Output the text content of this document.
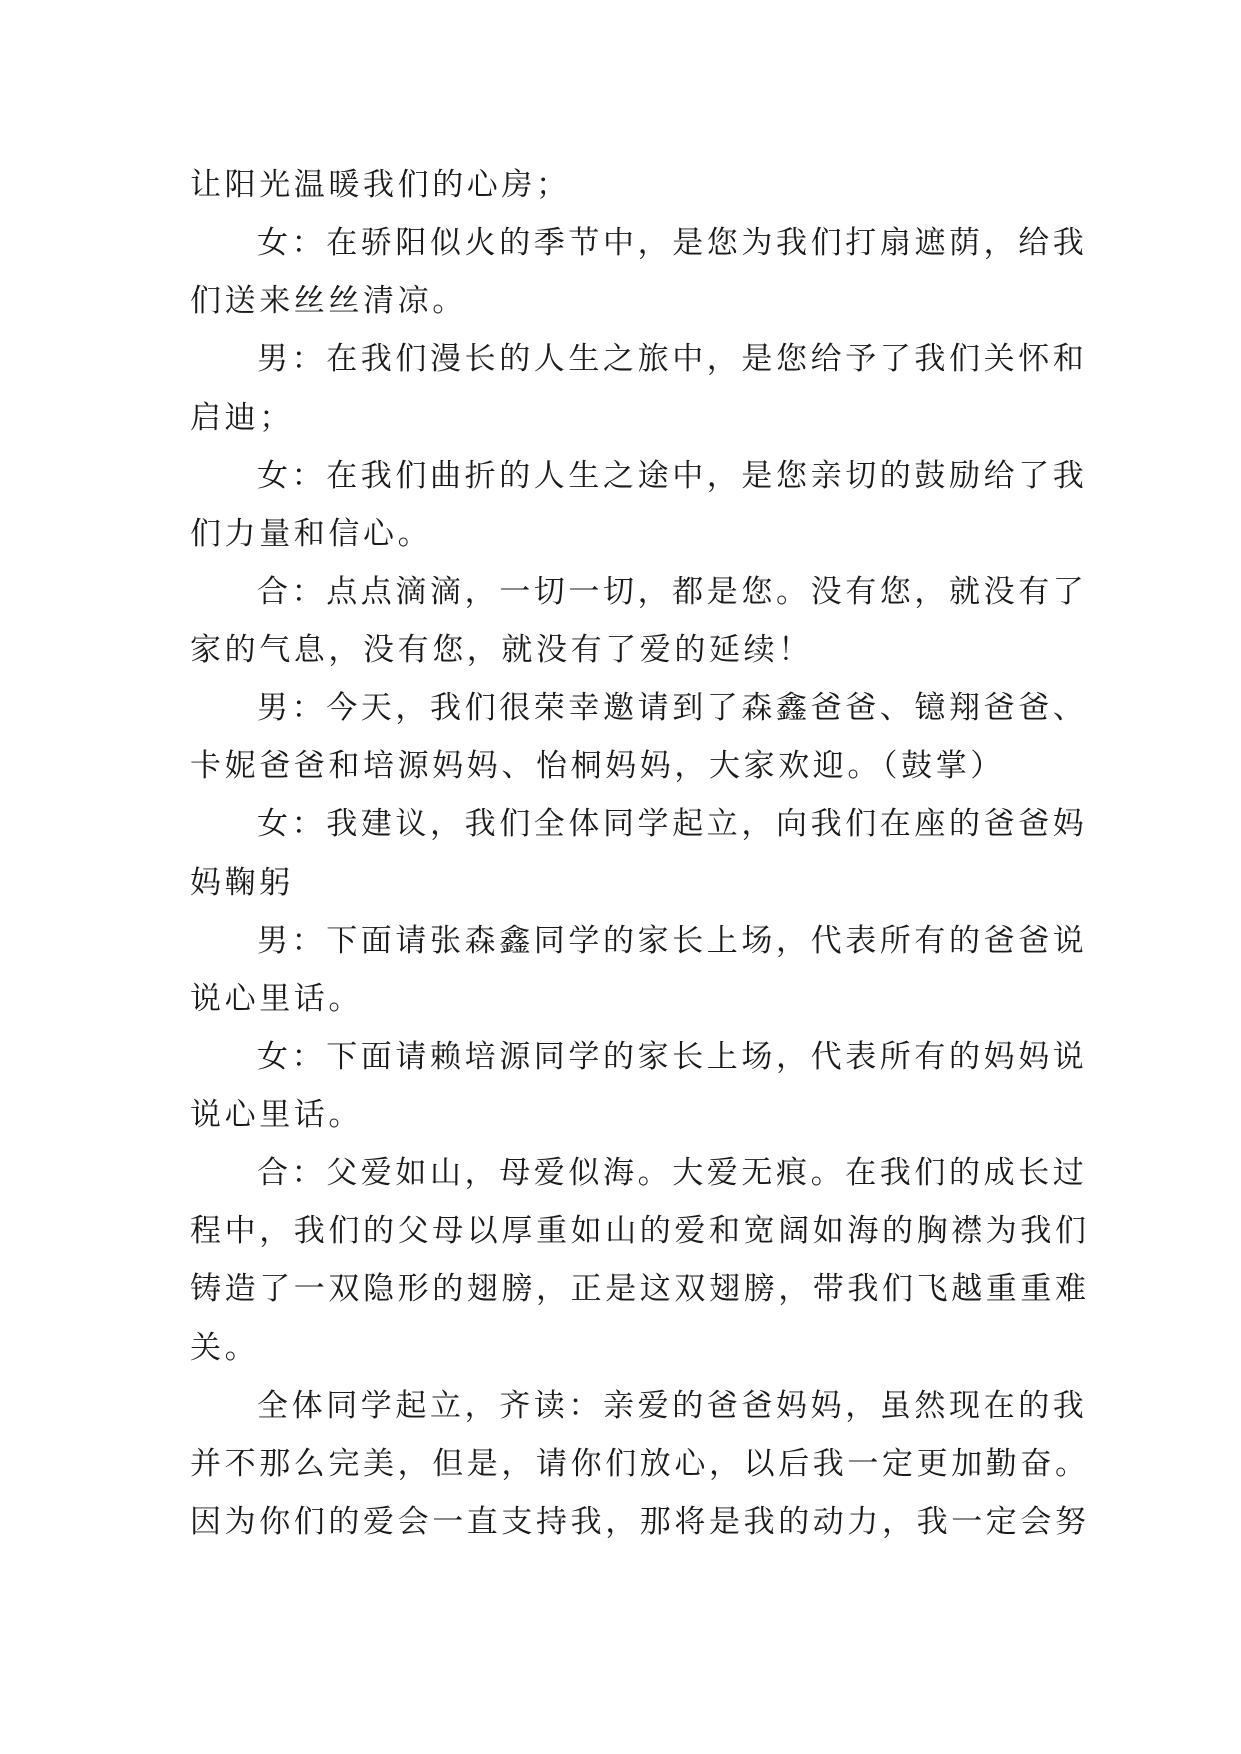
让阳光温暖我们的心房；
女：在骄阳似火的季节中，是您为我们打扇遮荫，给我
们送来丝丝清凉。
男：在我们漫长的人生之旅中，是您给予了我们关怀和
启迪；
女：在我们曲折的人生之途中，是您亲切的鼓励给了我
们力量和信心。
合：点点滴滴，一切一切，都是您。没有您，就没有了
家的气息，没有您，就没有了爱的延续！
男：今天，我们很荣幸邀请到了森鑫爸爸、镱翔爸爸、
卡妮爸爸和培源妈妈、怡桐妈妈，大家欢迎。（鼓掌）
女：我建议，我们全体同学起立，向我们在座的爸爸妈
妈鞠躬
男：下面请张森鑫同学的家长上场，代表所有的爸爸说
说心里话。
女：下面请赖培源同学的家长上场，代表所有的妈妈说
说心里话。
合：父爱如山，母爱似海。大爱无痕。在我们的成长过
程中，我们的父母以厚重如山的爱和宽阔如海的胸襟为我们
铸造了一双隐形的翅膀，正是这双翅膀，带我们飞越重重难
关。
全体同学起立，齐读：亲爱的爸爸妈妈，虽然现在的我
并不那么完美，但是，请你们放心，以后我一定更加勤奋。
因为你们的爱会一直支持我，那将是我的动力，我一定会努
